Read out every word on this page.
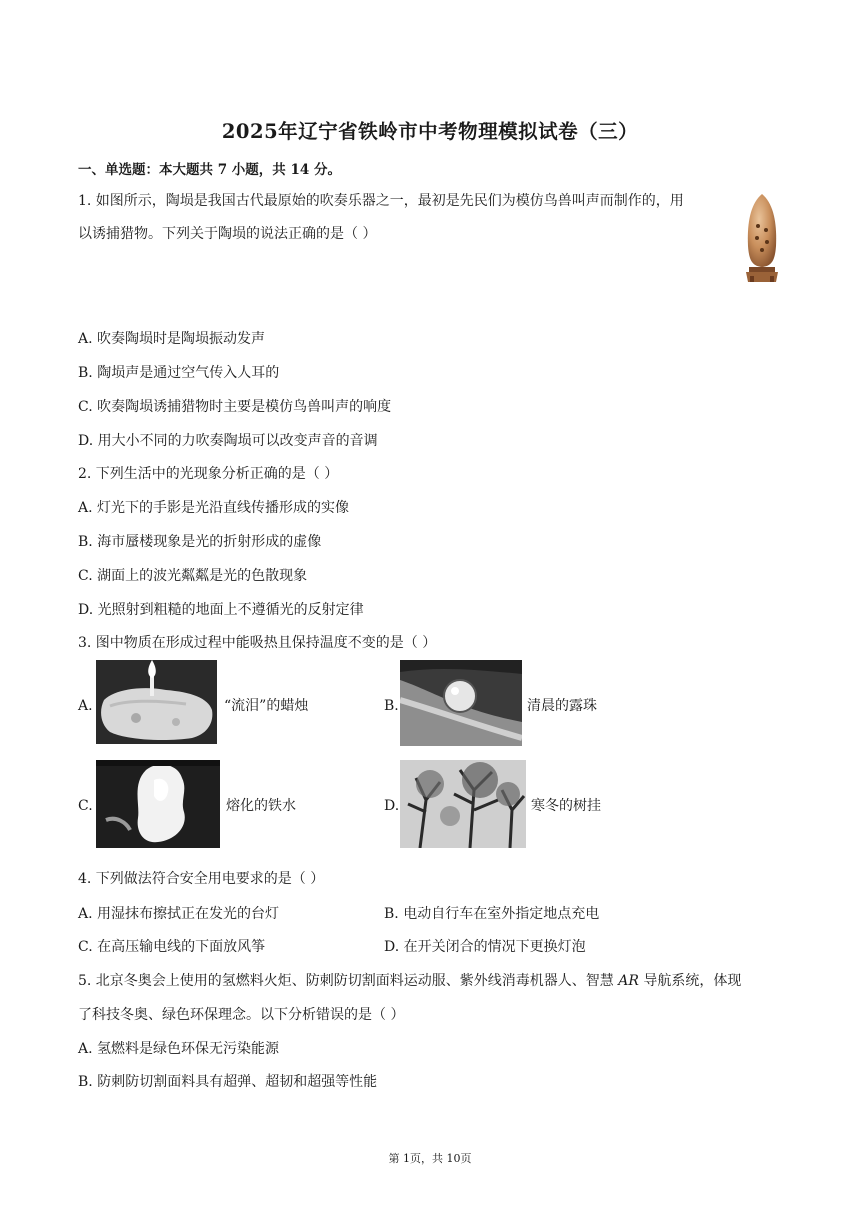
2025年辽宁省铁岭市中考物理模拟试卷（三）
一、单选题：本大题共 7 小题，共 14 分。
1. 如图所示，陶埙是我国古代最原始的吹奏乐器之一，最初是先民们为模仿鸟兽叫声而制作的，用
以诱捕猎物。下列关于陶埙的说法正确的是（ ）
A. 吹奏陶埙时是陶埙振动发声
B. 陶埙声是通过空气传入人耳的
C. 吹奏陶埙诱捕猎物时主要是模仿鸟兽叫声的响度
D. 用大小不同的力吹奏陶埙可以改变声音的音调
2. 下列生活中的光现象分析正确的是（ ）
A. 灯光下的手影是光沿直线传播形成的实像
B. 海市蜃楼现象是光的折射形成的虚像
C. 湖面上的波光粼粼是光的色散现象
D. 光照射到粗糙的地面上不遵循光的反射定律
3. 图中物质在形成过程中能吸热且保持温度不变的是（ ）
A.	“流泪”的蜡烛	B.	清晨的露珠
C.	熔化的铁水	D.	寒冬的树挂
4. 下列做法符合安全用电要求的是（ ）
A. 用湿抹布擦拭正在发光的台灯	B. 电动自行车在室外指定地点充电
C. 在高压输电线的下面放风筝	D. 在开关闭合的情况下更换灯泡
5. 北京冬奥会上使用的氢燃料火炬、防刺防切割面料运动服、紫外线消毒机器人、智慧 AR 导航系统，体现
了科技冬奥、绿色环保理念。以下分析错误的是（ ）
A. 氢燃料是绿色环保无污染能源
B. 防刺防切割面料具有超弹、超韧和超强等性能
第 1页，共 10页
